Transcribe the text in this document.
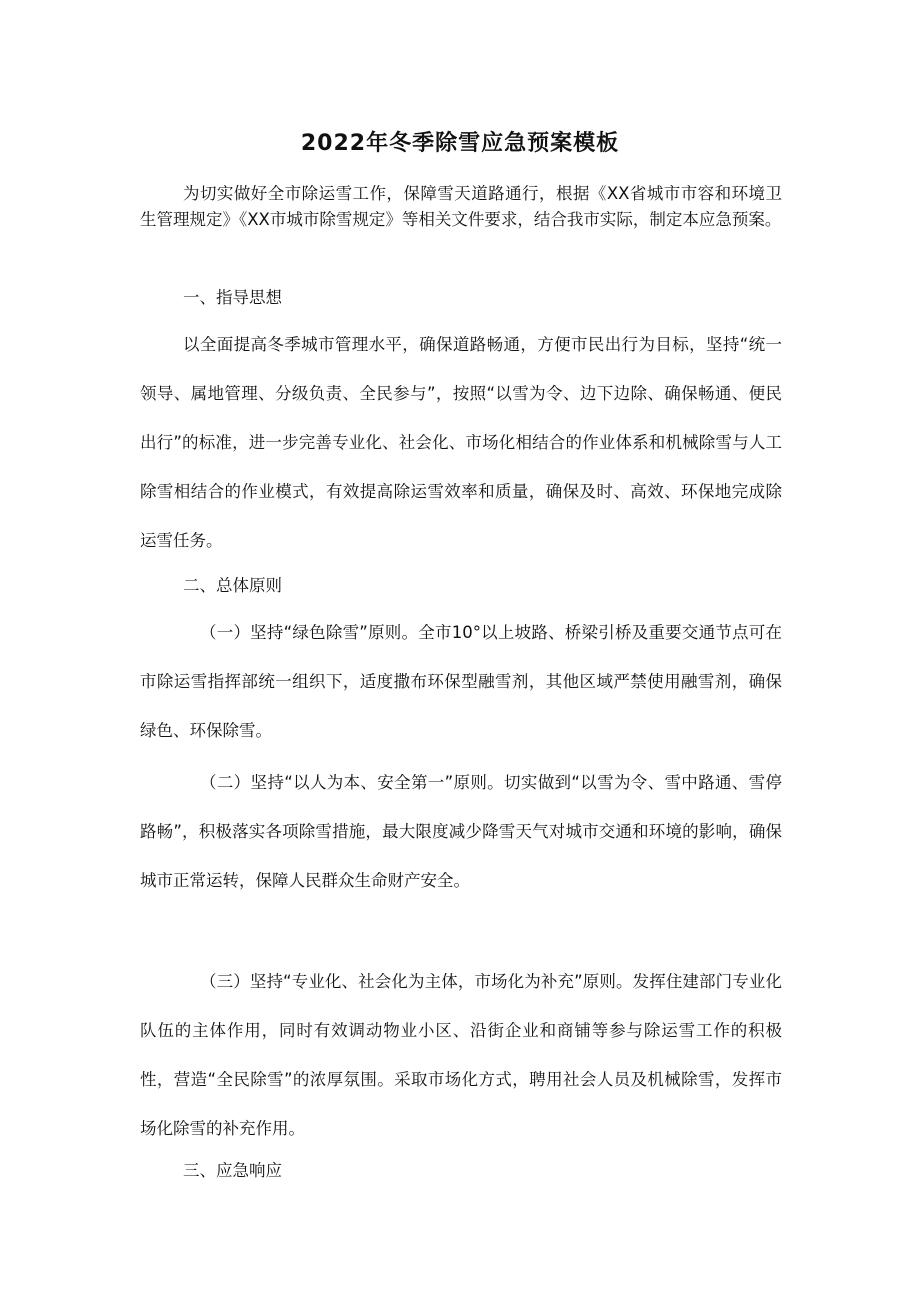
2022年冬季除雪应急预案模板
为切实做好全市除运雪工作，保障雪天道路通行，根据《XX省城市市容和环境卫生管理规定》《XX市城市除雪规定》等相关文件要求，结合我市实际，制定本应急预案。
一、指导思想
以全面提高冬季城市管理水平，确保道路畅通，方便市民出行为目标，坚持“统一领导、属地管理、分级负责、全民参与”，按照“以雪为令、边下边除、确保畅通、便民出行”的标准，进一步完善专业化、社会化、市场化相结合的作业体系和机械除雪与人工除雪相结合的作业模式，有效提高除运雪效率和质量，确保及时、高效、环保地完成除运雪任务。
二、总体原则
（一）坚持“绿色除雪”原则。全市10°以上坡路、桥梁引桥及重要交通节点可在市除运雪指挥部统一组织下，适度撒布环保型融雪剂，其他区域严禁使用融雪剂，确保绿色、环保除雪。
（二）坚持“以人为本、安全第一”原则。切实做到“以雪为令、雪中路通、雪停路畅”，积极落实各项除雪措施，最大限度减少降雪天气对城市交通和环境的影响，确保城市正常运转，保障人民群众生命财产安全。
（三）坚持“专业化、社会化为主体，市场化为补充”原则。发挥住建部门专业化队伍的主体作用，同时有效调动物业小区、沿街企业和商铺等参与除运雪工作的积极性，营造“全民除雪”的浓厚氛围。采取市场化方式，聘用社会人员及机械除雪，发挥市场化除雪的补充作用。
三、应急响应
